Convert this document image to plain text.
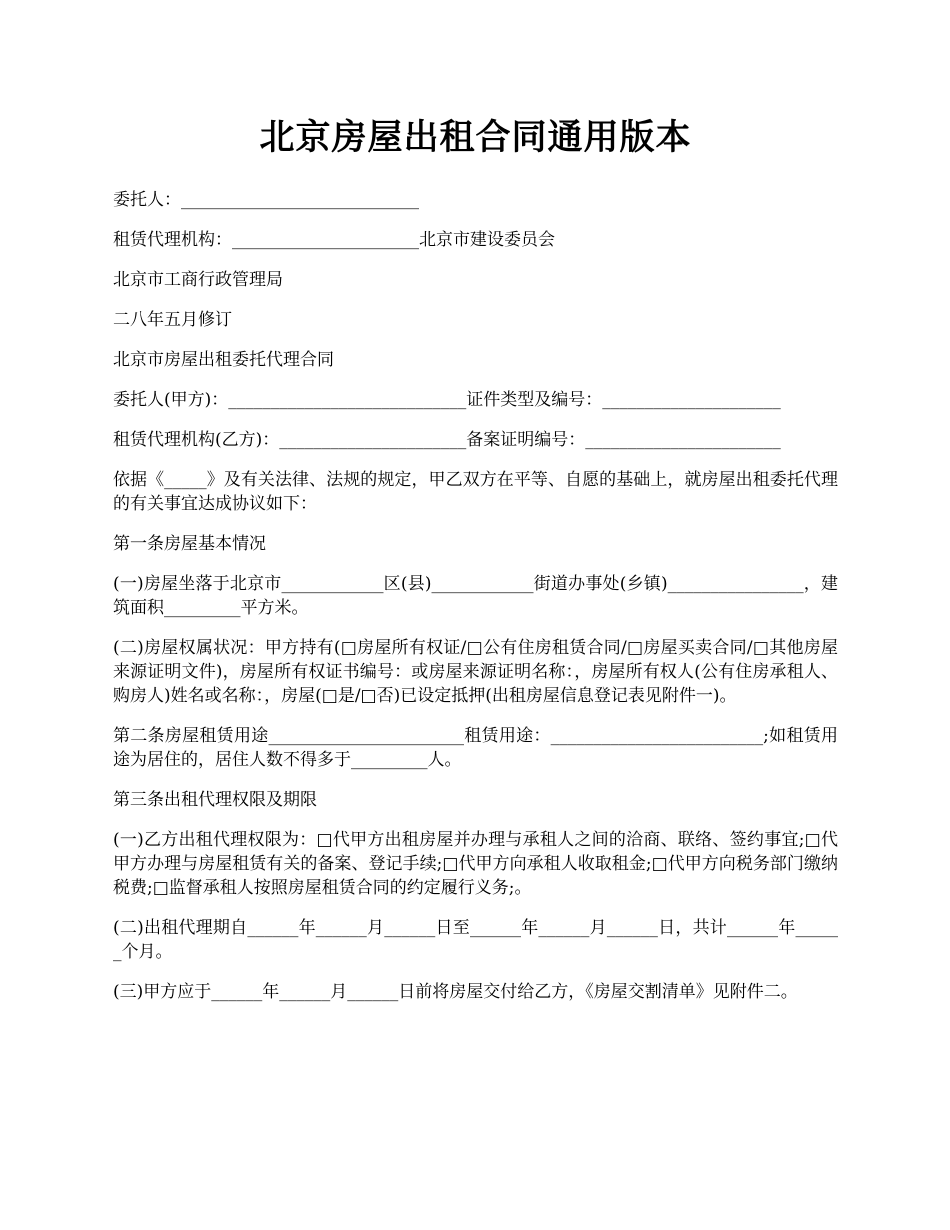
北京房屋出租合同通用版本

委托人：____________________________

租赁代理机构：______________________北京市建设委员会

北京市工商行政管理局

二八年五月修订

北京市房屋出租委托代理合同

委托人(甲方)：____________________________证件类型及编号：_____________________

租赁代理机构(乙方)：______________________备案证明编号：_______________________

依据《_____》及有关法律、法规的规定，甲乙双方在平等、自愿的基础上，就房屋出租委托代理的有关事宜达成协议如下：

第一条房屋基本情况

(一)房屋坐落于北京市____________区(县)____________街道办事处(乡镇)________________，建筑面积_________平方米。

(二)房屋权属状况：甲方持有(□房屋所有权证/□公有住房租赁合同/□房屋买卖合同/□其他房屋来源证明文件)，房屋所有权证书编号：或房屋来源证明名称：，房屋所有权人(公有住房承租人、购房人)姓名或名称：，房屋(□是/□否)已设定抵押(出租房屋信息登记表见附件一)。

第二条房屋租赁用途_______________________租赁用途：_________________________;如租赁用途为居住的，居住人数不得多于_________人。

第三条出租代理权限及期限

(一)乙方出租代理权限为：□代甲方出租房屋并办理与承租人之间的洽商、联络、签约事宜;□代甲方办理与房屋租赁有关的备案、登记手续;□代甲方向承租人收取租金;□代甲方向税务部门缴纳税费;□监督承租人按照房屋租赁合同的约定履行义务;。

(二)出租代理期自______年______月______日至______年______月______日，共计______年______个月。

(三)甲方应于______年______月______日前将房屋交付给乙方，《房屋交割清单》见附件二。
